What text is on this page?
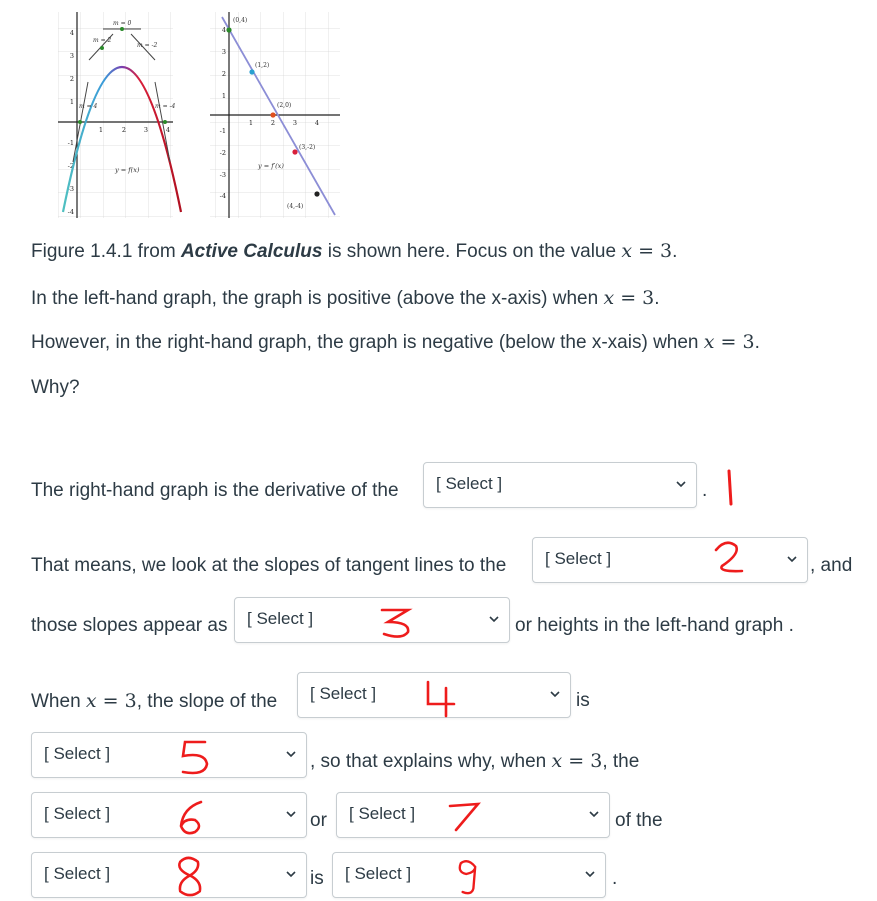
4
3
2
1
-1
-2
-3
-4
1	2	3	4
m = 0
m = 2
m = -2
m = 4	m = -4
y = f(x)
4
3
2
1
-1
-2
-3
-4
1	2	3	4
(0,4)
(1,2)
(2,0)
(3,-2)
(4,-4)
y = f′(x)
Figure 1.4.1 from Active Calculus is shown here. Focus on the value x = 3.
In the left-hand graph, the graph is positive (above the x-axis) when x = 3.
However, in the right-hand graph, the graph is negative (below the x-xais) when x = 3.
Why?
The right-hand graph is the derivative of the [ Select ]	.
That means, we look at the slopes of tangent lines to the [ Select ]	, and
those slopes appear as [ Select ]	or heights in the left-hand graph .
When x = 3, the slope of the [ Select ]	is
[ Select ]	, so that explains why, when x = 3, the
[ Select ]	or [ Select ]	of the
[ Select ]	is [ Select ]	.
